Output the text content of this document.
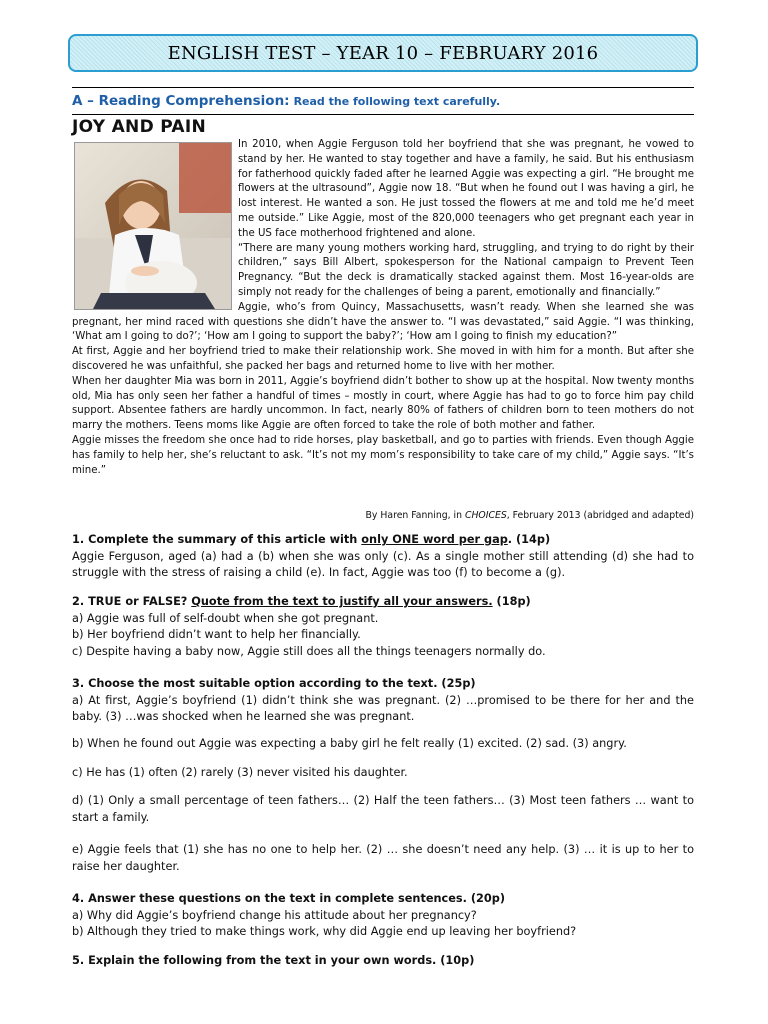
ENGLISH TEST – YEAR 10 – FEBRUARY 2016
A – Reading Comprehension: Read the following text carefully.
JOY AND PAIN

In 2010, when Aggie Ferguson told her boyfriend that she was pregnant, he vowed to stand by her. He wanted to stay together and have a family, he said. But his enthusiasm for fatherhood quickly faded after he learned Aggie was expecting a girl. “He brought me flowers at the ultrasound”, Aggie now 18. “But when he found out I was having a girl, he lost interest. He wanted a son. He just tossed the flowers at me and told me he’d meet me outside.” Like Aggie, most of the 820,000 teenagers who get pregnant each year in the US face motherhood frightened and alone.

“There are many young mothers working hard, struggling, and trying to do right by their children,” says Bill Albert, spokesperson for the National campaign to Prevent Teen Pregnancy. “But the deck is dramatically stacked against them. Most 16-year-olds are simply not ready for the challenges of being a parent, emotionally and financially.”

Aggie, who’s from Quincy, Massachusetts, wasn’t ready. When she learned she was pregnant, her mind raced with questions she didn’t have the answer to. “I was devastated,” said Aggie. “I was thinking, ‘What am I going to do?’; ‘How am I going to support the baby?’; ‘How am I going to finish my education?”

At first, Aggie and her boyfriend tried to make their relationship work. She moved in with him for a month. But after she discovered he was unfaithful, she packed her bags and returned home to live with her mother.

When her daughter Mia was born in 2011, Aggie’s boyfriend didn’t bother to show up at the hospital. Now twenty months old, Mia has only seen her father a handful of times – mostly in court, where Aggie has had to go to force him pay child support. Absentee fathers are hardly uncommon. In fact, nearly 80% of fathers of children born to teen mothers do not marry the mothers. Teens moms like Aggie are often forced to take the role of both mother and father.

Aggie misses the freedom she once had to ride horses, play basketball, and go to parties with friends. Even though Aggie has family to help her, she’s reluctant to ask. “It’s not my mom’s responsibility to take care of my child,” Aggie says. “It’s mine.”

By Haren Fanning, in CHOICES, February 2013 (abridged and adapted)
1. Complete the summary of this article with only ONE word per gap. (14p)
Aggie Ferguson, aged (a) had a (b) when she was only (c). As a single mother still attending (d) she had to struggle with the stress of raising a child (e). In fact, Aggie was too (f) to become a (g).
2. TRUE or FALSE? Quote from the text to justify all your answers. (18p)
a) Aggie was full of self-doubt when she got pregnant.
b) Her boyfriend didn’t want to help her financially.
c) Despite having a baby now, Aggie still does all the things teenagers normally do.
3. Choose the most suitable option according to the text. (25p)
a) At first, Aggie’s boyfriend (1) didn’t think she was pregnant. (2) …promised to be there for her and the baby. (3) …was shocked when he learned she was pregnant.
b) When he found out Aggie was expecting a baby girl he felt really (1) excited. (2) sad. (3) angry.
c) He has (1) often (2) rarely (3) never visited his daughter.
d) (1) Only a small percentage of teen fathers… (2) Half the teen fathers… (3) Most teen fathers … want to start a family.
e) Aggie feels that (1) she has no one to help her. (2) … she doesn’t need any help. (3) … it is up to her to raise her daughter.
4. Answer these questions on the text in complete sentences. (20p)
a) Why did Aggie’s boyfriend change his attitude about her pregnancy?
b) Although they tried to make things work, why did Aggie end up leaving her boyfriend?
5. Explain the following from the text in your own words. (10p)
